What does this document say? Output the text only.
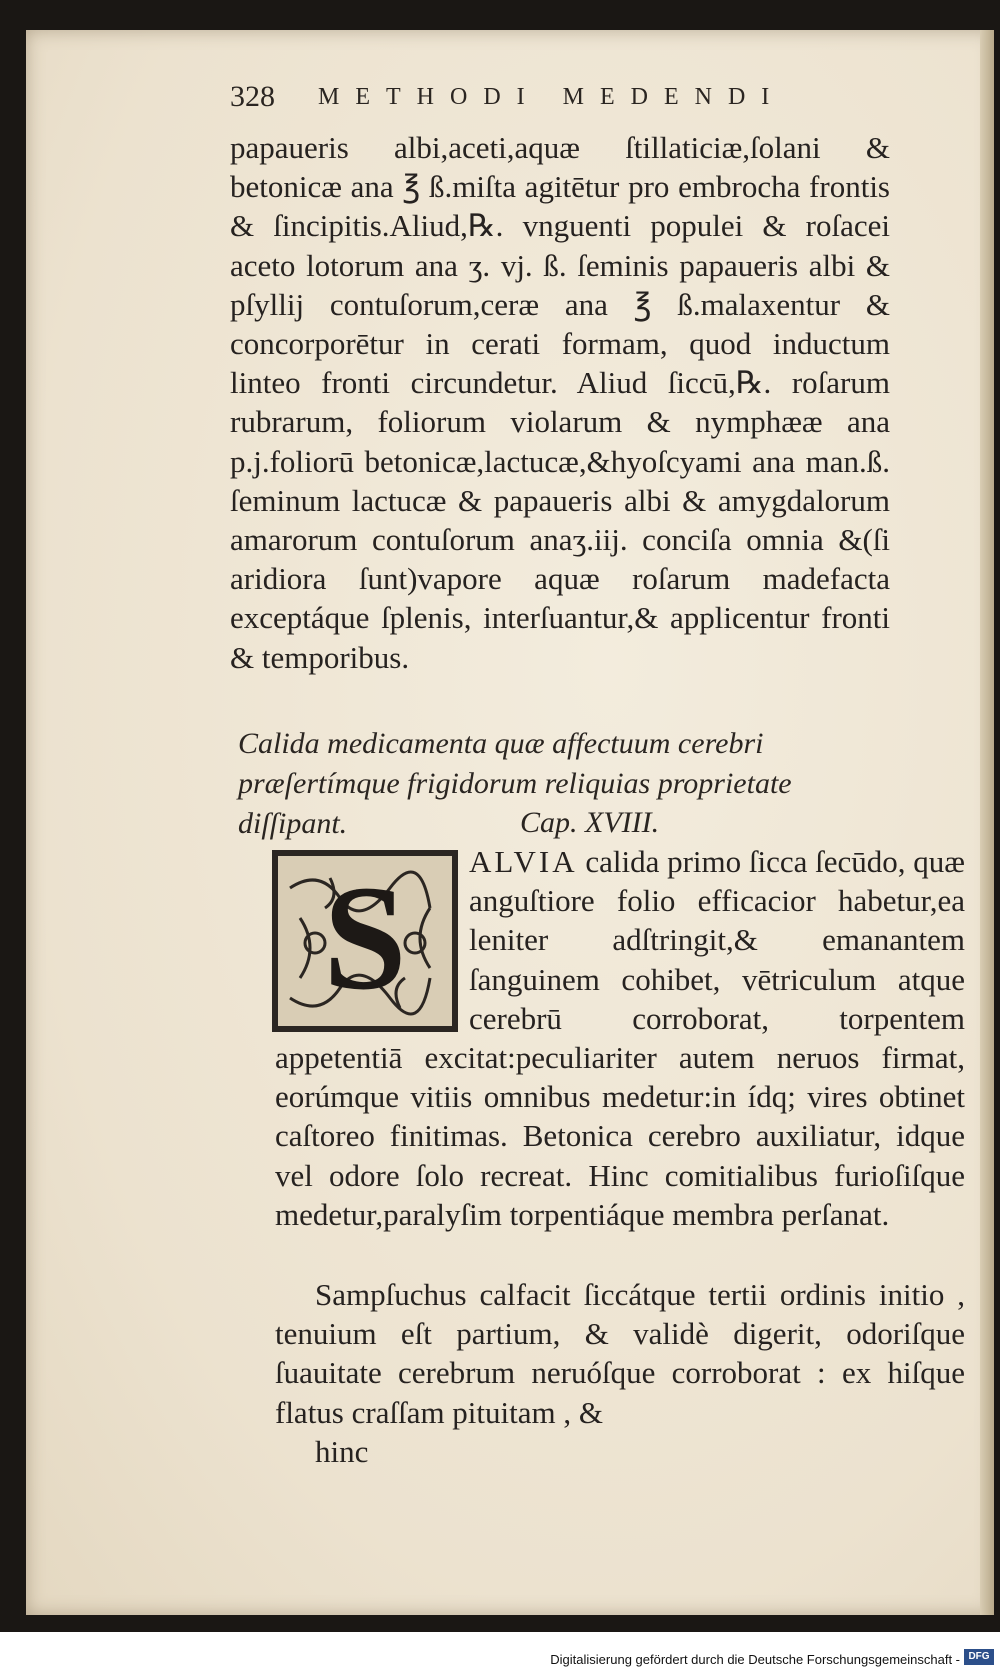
328 METHODI MEDENDI
papaueris albi,aceti,aquæ ſtillaticiæ,ſolani & betonicæ ana ℥ ß.miſta agitētur pro embrocha frontis & ſincipitis.Aliud,℞. vnguenti populei & roſacei aceto lotorum ana ʒ. vj. ß. ſeminis papaueris albi & pſyllij contuſorum,ceræ ana ℥ ß.malaxentur & concorporētur in cerati formam, quod inductum linteo fronti circundetur. Aliud ſiccū,℞. roſarum rubrarum, foliorum violarum & nymphææ ana p.j.foliorū betonicæ,lactucæ,&hyoſcyami ana man.ß. ſeminum lactucæ & papaueris albi & amygdalorum amarorum contuſorum anaʒ.iij. conciſa omnia &(ſi aridiora ſunt)vapore aquæ roſarum madefacta exceptáque ſplenis, interſuantur,& applicentur fronti & temporibus.
Calida medicamenta quæ affectuum cerebri præſertímque frigidorum reliquias proprietate diſſipant.	Cap. XVIII.
ALVIA calida primo ſicca ſecūdo, quæ anguſtiore folio efficacior habetur,ea leniter adſtringit,& emanantem ſanguinem cohibet, vētriculum atque cerebrū corroborat, torpentem appetentiā excitat:peculiariter autem neruos firmat, eorúmque vitiis omnibus medetur:in ídq; vires obtinet caſtoreo finitimas. Betonica cerebro auxiliatur, idque vel odore ſolo recreat. Hinc comitialibus furioſiſque medetur,paralyſim torpentiáque membra perſanat.
S
Sampſuchus calfacit ſiccátque tertii ordinis initio , tenuium eſt partium, & validè digerit, odoriſque ſuauitate cerebrum neruóſque corroborat : ex hiſque flatus craſſam pituitam , &
hinc
Digitalisierung gefördert durch die Deutsche Forschungsgemeinschaft - DFG
